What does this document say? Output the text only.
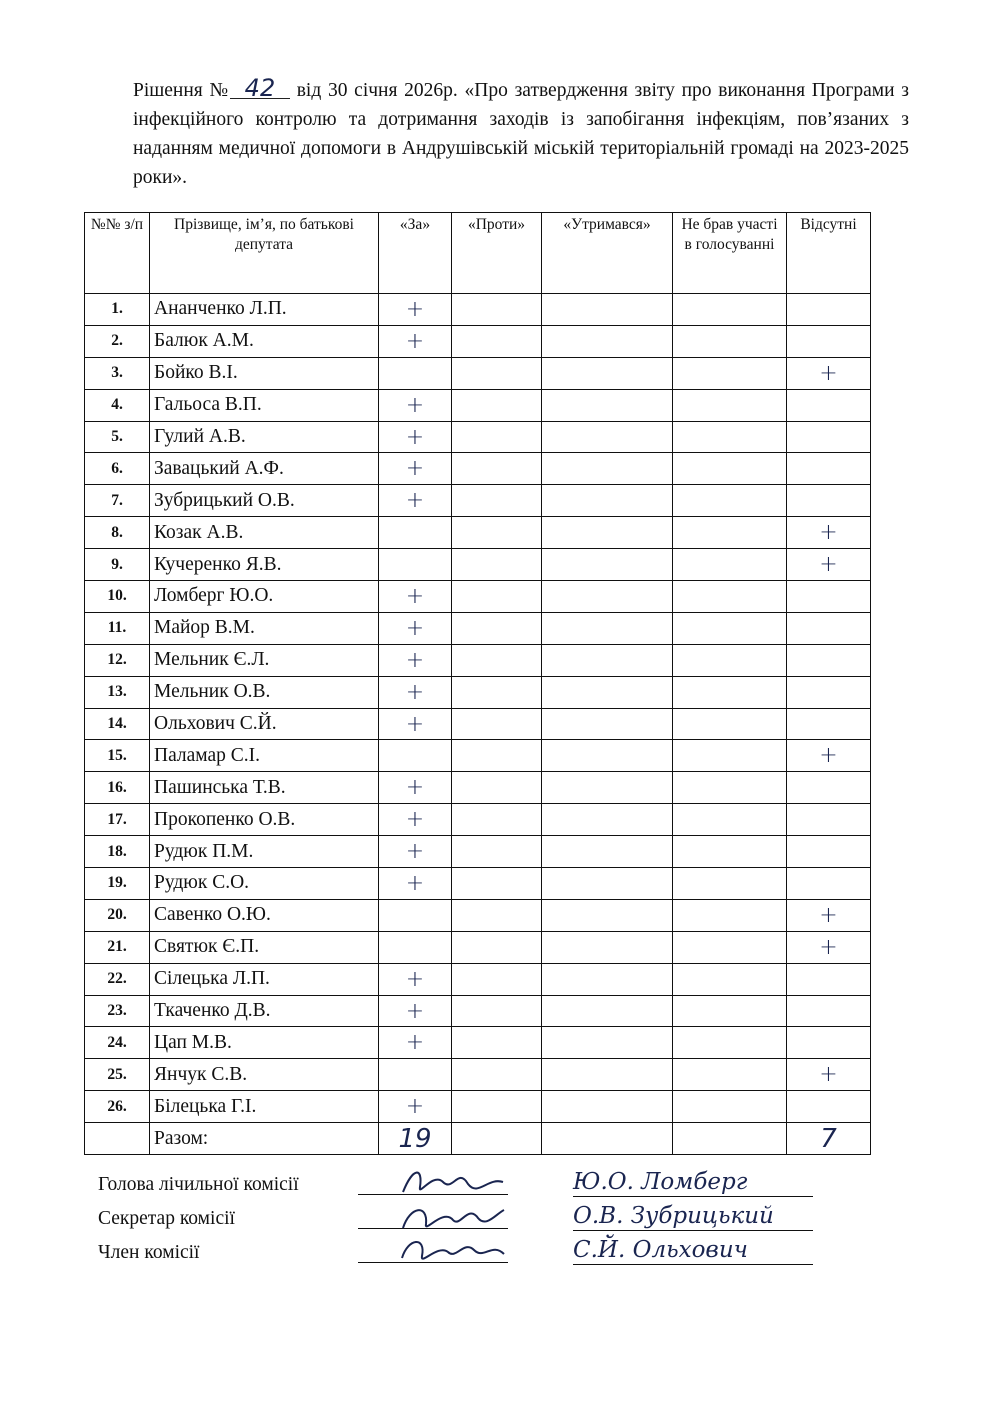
Рішення № 42 від 30 січня 2026р. «Про затвердження звіту про виконання Програми з інфекційного контролю та дотримання заходів із запобігання інфекціям, пов’язаних з наданням медичної допомоги в Андрушівській міській територіальній громаді на 2023-2025 роки».
№№ з/п	Прізвище, ім’я, по батькові депутата	«За»	«Проти»	«Утримався»	Не брав участі в голосуванні	Відсутні
1.	Ананченко Л.П.	+				
2.	Балюк А.М.	+				
3.	Бойко В.І.					+
4.	Гальоса В.П.	+				
5.	Гулий А.В.	+				
6.	Завацький А.Ф.	+				
7.	Зубрицький О.В.	+				
8.	Козак А.В.					+
9.	Кучеренко Я.В.					+
10.	Ломберг Ю.О.	+				
11.	Майор В.М.	+				
12.	Мельник Є.Л.	+				
13.	Мельник О.В.	+				
14.	Ольхович С.Й.	+				
15.	Паламар С.І.					+
16.	Пашинська Т.В.	+				
17.	Прокопенко О.В.	+				
18.	Рудюк П.М.	+				
19.	Рудюк С.О.	+				
20.	Савенко О.Ю.					+
21.	Святюк Є.П.					+
22.	Сілецька Л.П.	+				
23.	Ткаченко Д.В.	+				
24.	Цап М.В.	+				
25.	Янчук С.В.					+
26.	Білецька Г.І.	+				
	Разом:	19				7
Голова лічильної комісії	Ю.О. Ломберг
Секретар комісії	О.В. Зубрицький
Член комісії	С.Й. Ольхович
